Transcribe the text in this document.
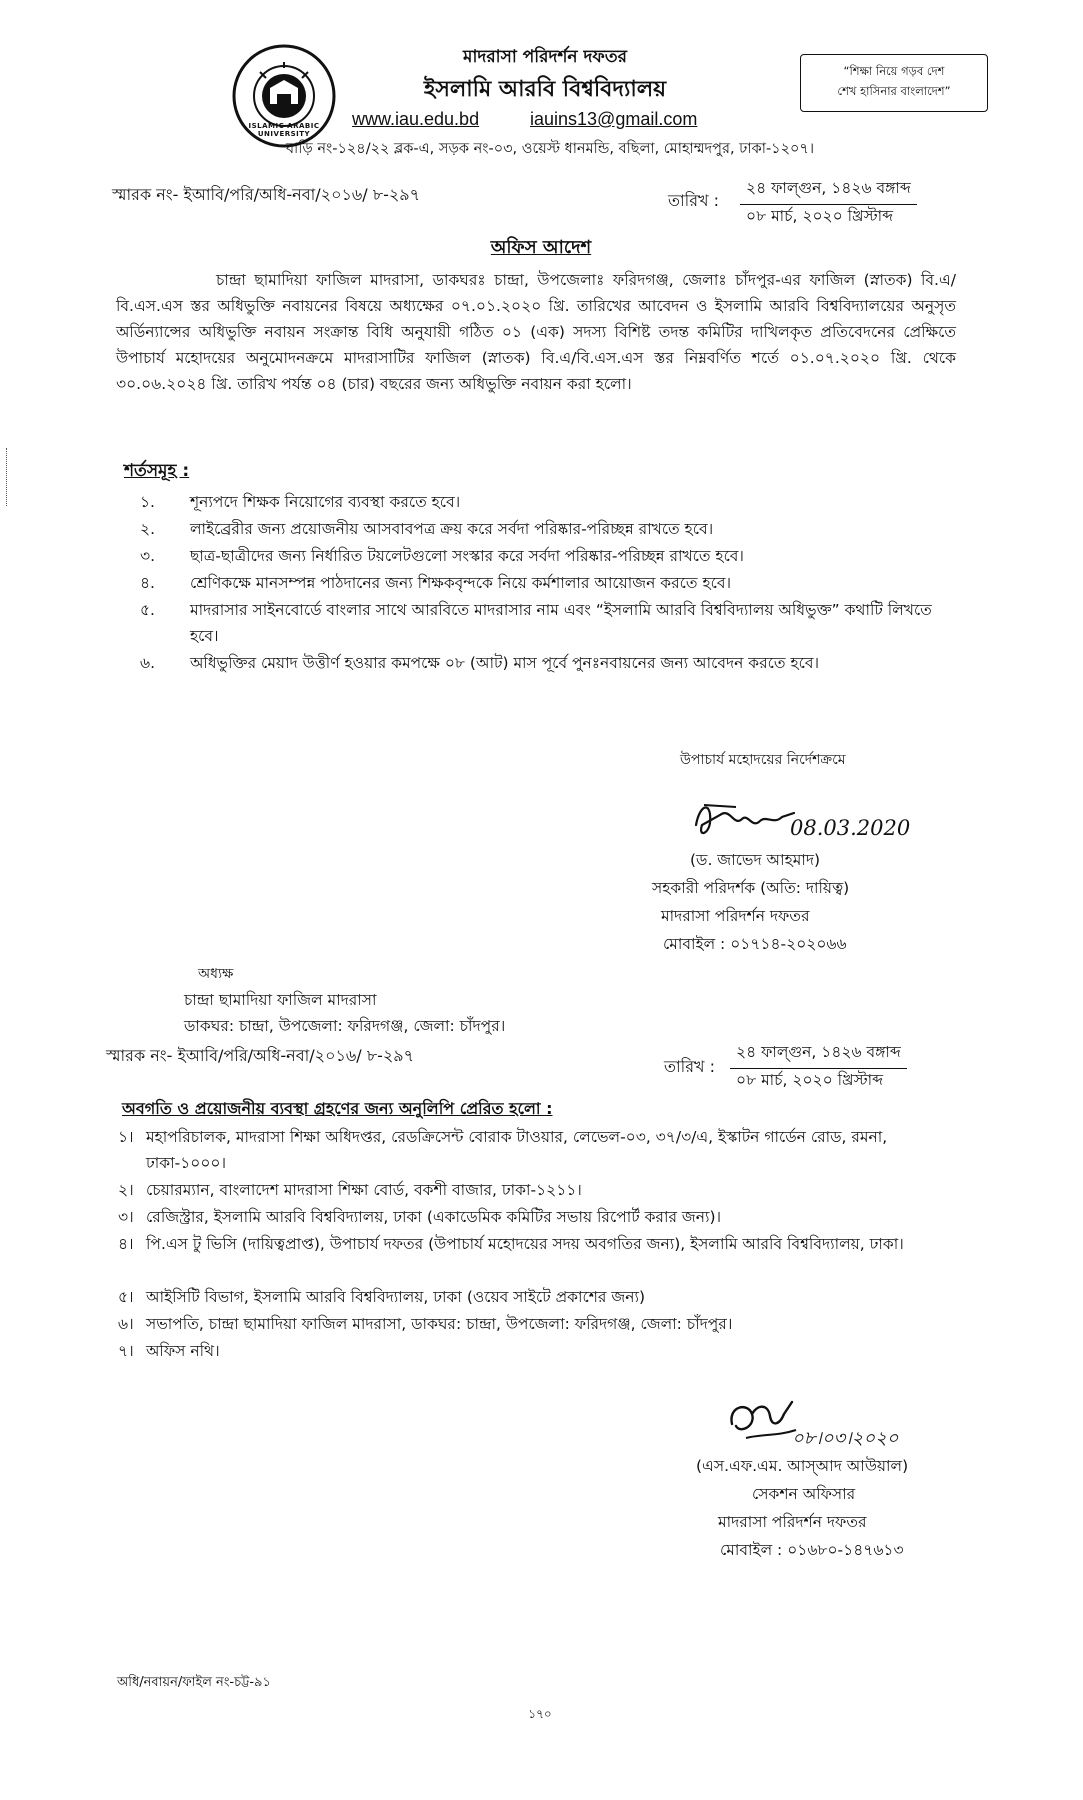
ISLAMIC ARABIC UNIVERSITY
মাদরাসা পরিদর্শন দফতর
ইসলামি আরবি বিশ্ববিদ্যালয়
www.iau.edu.bd	iauins13@gmail.com
বাড়ি নং-১২৪/২২ ব্লক-এ, সড়ক নং-০৩, ওয়েস্ট ধানমন্ডি, বছিলা, মোহাম্মদপুর, ঢাকা-১২০৭।
“শিক্ষা নিয়ে গড়ব দেশ
শেখ হাসিনার বাংলাদেশ”
স্মারক নং- ইআবি/পরি/অধি-নবা/২০১৬/ ৮-২৯৭	তারিখ :
২৪ ফাল্গুন, ১৪২৬ বঙ্গাব্দ
০৮ মার্চ, ২০২০ খ্রিস্টাব্দ
অফিস আদেশ
চান্দ্রা ছামাদিয়া ফাজিল মাদরাসা, ডাকঘরঃ চান্দ্রা, উপজেলাঃ ফরিদগঞ্জ, জেলাঃ চাঁদপুর-এর ফাজিল (স্নাতক) বি.এ/বি.এস.এস স্তর অধিভুক্তি নবায়নের বিষয়ে অধ্যক্ষের ০৭.০১.২০২০ খ্রি. তারিখের আবেদন ও ইসলামি আরবি বিশ্ববিদ্যালয়ের অনুসৃত অর্ডিন্যান্সের অধিভুক্তি নবায়ন সংক্রান্ত বিধি অনুযায়ী গঠিত ০১ (এক) সদস্য বিশিষ্ট তদন্ত কমিটির দাখিলকৃত প্রতিবেদনের প্রেক্ষিতে উপাচার্য মহোদয়ের অনুমোদনক্রমে মাদরাসাটির ফাজিল (স্নাতক) বি.এ/বি.এস.এস স্তর নিম্নবর্ণিত শর্তে ০১.০৭.২০২০ খ্রি. থেকে ৩০.০৬.২০২৪ খ্রি. তারিখ পর্যন্ত ০৪ (চার) বছরের জন্য অধিভুক্তি নবায়ন করা হলো।
শর্তসমূহ :
১. শূন্যপদে শিক্ষক নিয়োগের ব্যবস্থা করতে হবে।
২. লাইব্রেরীর জন্য প্রয়োজনীয় আসবাবপত্র ক্রয় করে সর্বদা পরিষ্কার-পরিচ্ছন্ন রাখতে হবে।
৩. ছাত্র-ছাত্রীদের জন্য নির্ধারিত টয়লেটগুলো সংস্কার করে সর্বদা পরিষ্কার-পরিচ্ছন্ন রাখতে হবে।
৪. শ্রেণিকক্ষে মানসম্পন্ন পাঠদানের জন্য শিক্ষকবৃন্দকে নিয়ে কর্মশালার আয়োজন করতে হবে।
৫. মাদরাসার সাইনবোর্ডে বাংলার সাথে আরবিতে মাদরাসার নাম এবং “ইসলামি আরবি বিশ্ববিদ্যালয় অধিভুক্ত” কথাটি লিখতে হবে।
৬. অধিভুক্তির মেয়াদ উত্তীর্ণ হওয়ার কমপক্ষে ০৮ (আট) মাস পূর্বে পুনঃনবায়নের জন্য আবেদন করতে হবে।
উপাচার্য মহোদয়ের নির্দেশক্রমে
08.03.2020
(ড. জাভেদ আহমাদ)
সহকারী পরিদর্শক (অতি: দায়িত্ব)
মাদরাসা পরিদর্শন দফতর
মোবাইল : ০১৭১৪-২০২০৬৬
অধ্যক্ষ
চান্দ্রা ছামাদিয়া ফাজিল মাদরাসা
ডাকঘর: চান্দ্রা, উপজেলা: ফরিদগঞ্জ, জেলা: চাঁদপুর।
স্মারক নং- ইআবি/পরি/অধি-নবা/২০১৬/ ৮-২৯৭
তারিখ :
২৪ ফাল্গুন, ১৪২৬ বঙ্গাব্দ
০৮ মার্চ, ২০২০ খ্রিস্টাব্দ
অবগতি ও প্রয়োজনীয় ব্যবস্থা গ্রহণের জন্য অনুলিপি প্রেরিত হলো :
১। মহাপরিচালক, মাদরাসা শিক্ষা অধিদপ্তর, রেডক্রিসেন্ট বোরাক টাওয়ার, লেভেল-০৩, ৩৭/৩/এ, ইস্কাটন গার্ডেন রোড, রমনা, ঢাকা-১০০০।
২। চেয়ারম্যান, বাংলাদেশ মাদরাসা শিক্ষা বোর্ড, বকশী বাজার, ঢাকা-১২১১।
৩। রেজিস্ট্রার, ইসলামি আরবি বিশ্ববিদ্যালয়, ঢাকা (একাডেমিক কমিটির সভায় রিপোর্ট করার জন্য)।
৪। পি.এস টু ভিসি (দায়িত্বপ্রাপ্ত), উপাচার্য দফতর (উপাচার্য মহোদয়ের সদয় অবগতির জন্য), ইসলামি আরবি বিশ্ববিদ্যালয়, ঢাকা।
৫। আইসিটি বিভাগ, ইসলামি আরবি বিশ্ববিদ্যালয়, ঢাকা (ওয়েব সাইটে প্রকাশের জন্য)
৬। সভাপতি, চান্দ্রা ছামাদিয়া ফাজিল মাদরাসা, ডাকঘর: চান্দ্রা, উপজেলা: ফরিদগঞ্জ, জেলা: চাঁদপুর।
৭। অফিস নথি।
০৮।০৩।২০২০
(এস.এফ.এম. আস্আদ আউয়াল)
সেকশন অফিসার
মাদরাসা পরিদর্শন দফতর
মোবাইল : ০১৬৮০-১৪৭৬১৩
অধি/নবায়ন/ফাইল নং-চট্ট-৯১
১৭০
